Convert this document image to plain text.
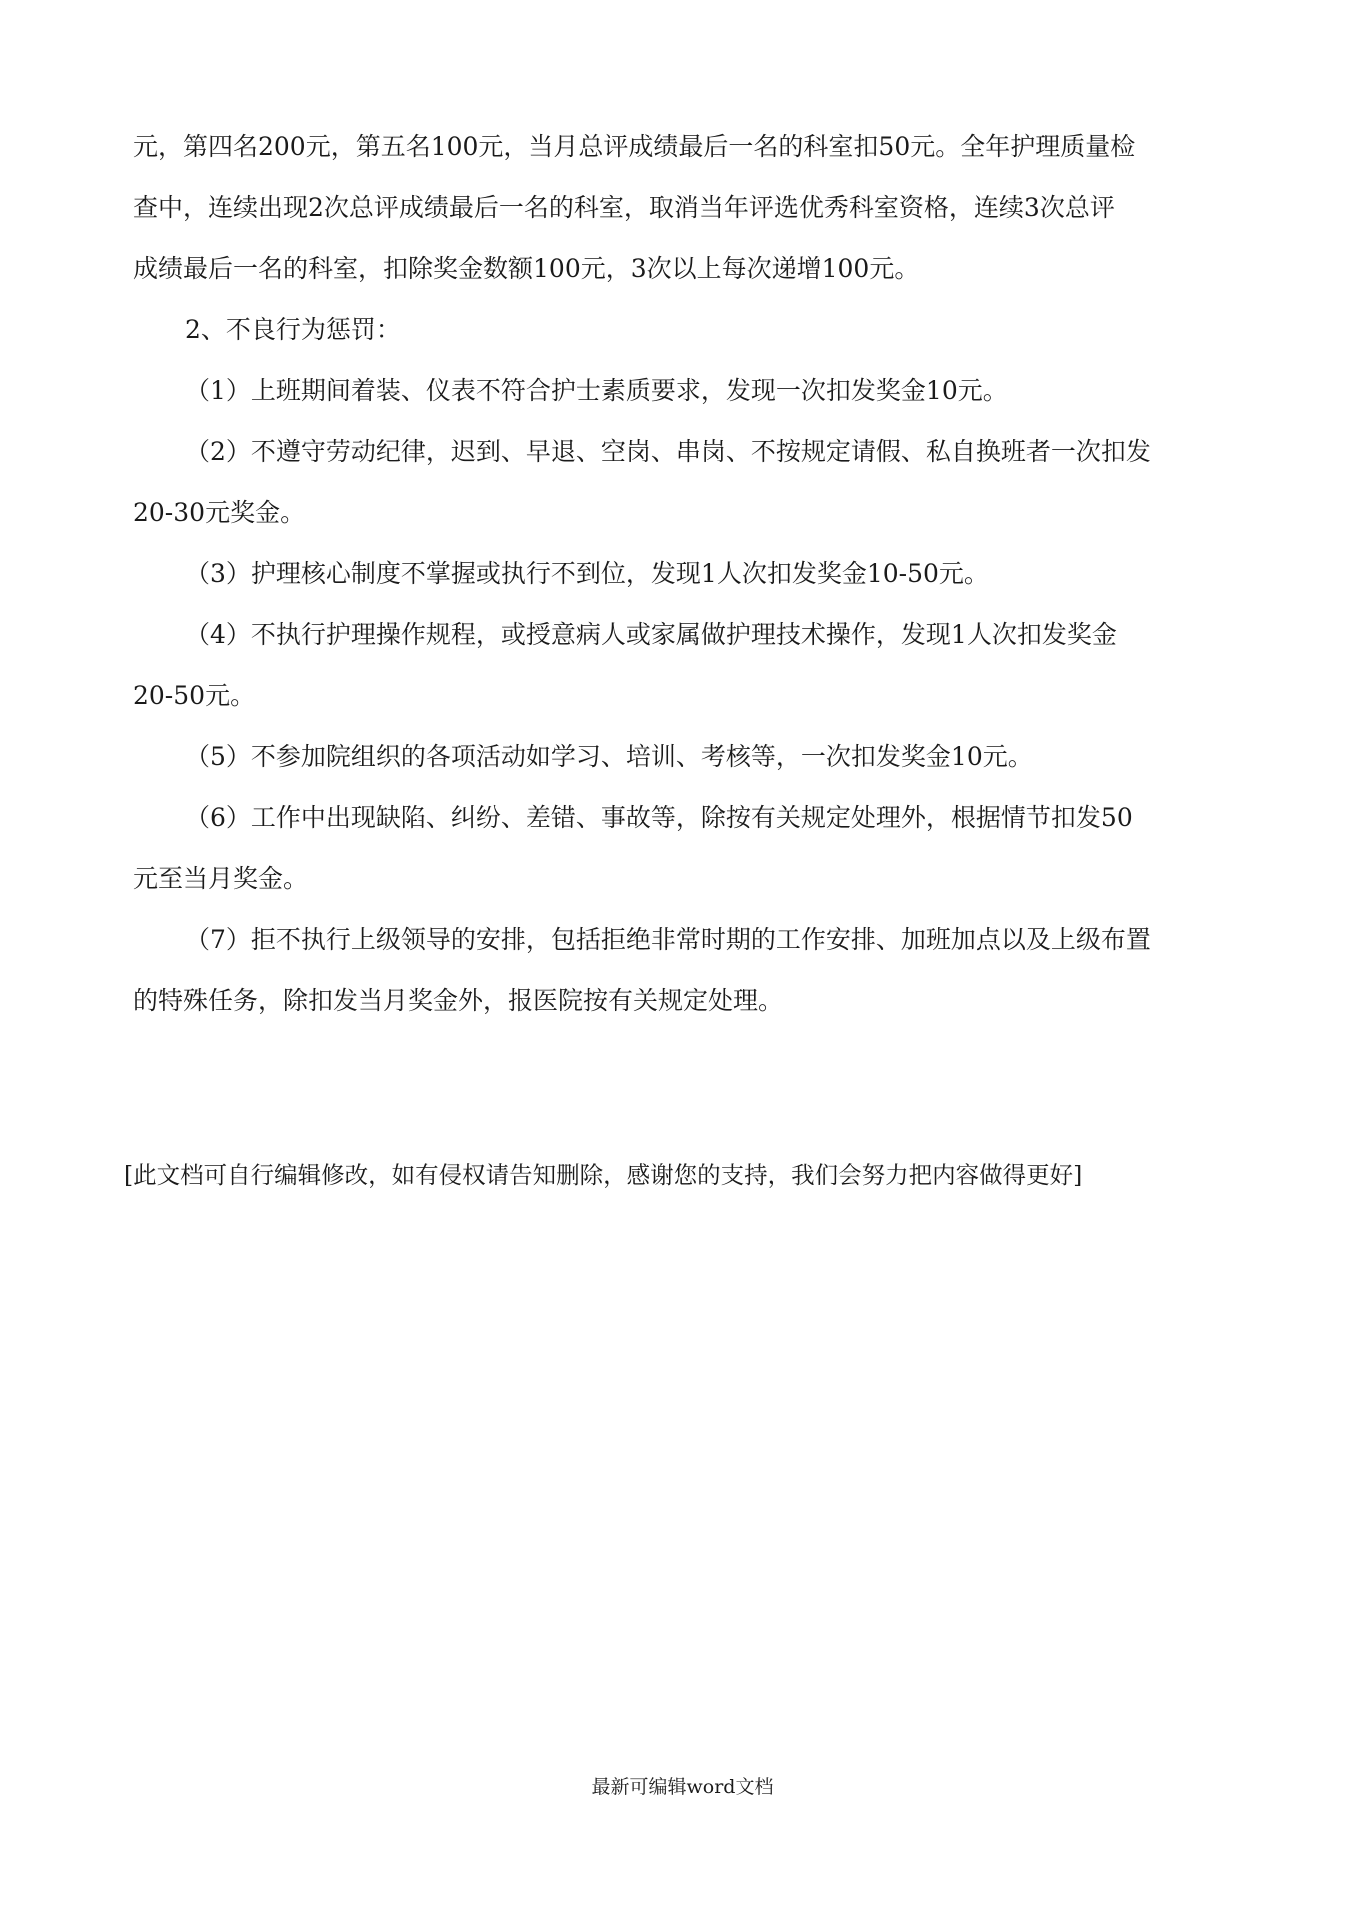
元，第四名200元，第五名100元，当月总评成绩最后一名的科室扣50元。全年护理质量检

查中，连续出现2次总评成绩最后一名的科室，取消当年评选优秀科室资格，连续3次总评

成绩最后一名的科室，扣除奖金数额100元，3次以上每次递增100元。

2、不良行为惩罚：

（1）上班期间着装、仪表不符合护士素质要求，发现一次扣发奖金10元。

（2）不遵守劳动纪律，迟到、早退、空岗、串岗、不按规定请假、私自换班者一次扣发

20-30元奖金。

（3）护理核心制度不掌握或执行不到位，发现1人次扣发奖金10-50元。

（4）不执行护理操作规程，或授意病人或家属做护理技术操作，发现1人次扣发奖金

20-50元。

（5）不参加院组织的各项活动如学习、培训、考核等，一次扣发奖金10元。

（6）工作中出现缺陷、纠纷、差错、事故等，除按有关规定处理外，根据情节扣发50

元至当月奖金。

（7）拒不执行上级领导的安排，包括拒绝非常时期的工作安排、加班加点以及上级布置

的特殊任务，除扣发当月奖金外，报医院按有关规定处理。

[此文档可自行编辑修改，如有侵权请告知删除，感谢您的支持，我们会努力把内容做得更好]
最新可编辑word文档
